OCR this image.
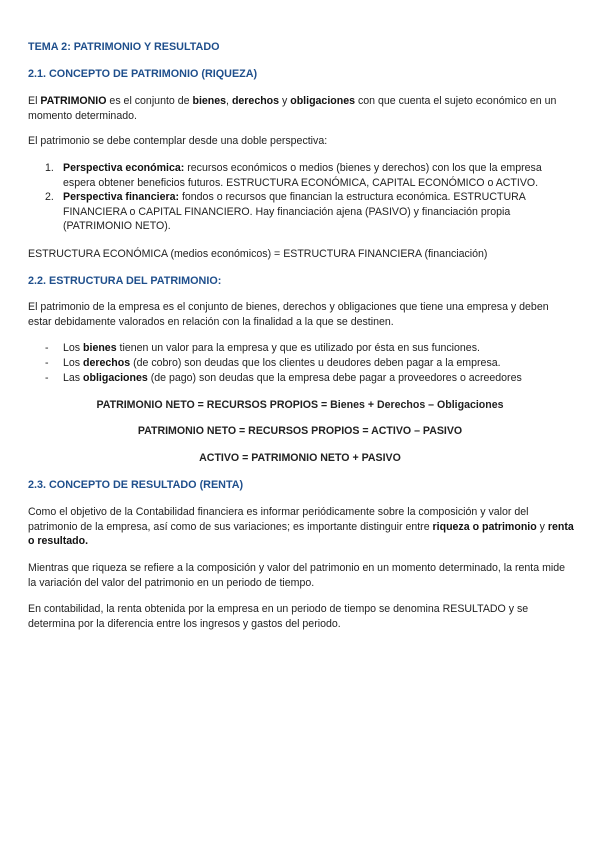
TEMA 2: PATRIMONIO Y RESULTADO
2.1. CONCEPTO DE PATRIMONIO (RIQUEZA)
El PATRIMONIO es el conjunto de bienes, derechos y obligaciones con que cuenta el sujeto económico en un momento determinado.
El patrimonio se debe contemplar desde una doble perspectiva:
1. Perspectiva económica: recursos económicos o medios (bienes y derechos) con los que la empresa espera obtener beneficios futuros. ESTRUCTURA ECONÓMICA, CAPITAL ECONÓMICO o ACTIVO.
2. Perspectiva financiera: fondos o recursos que financian la estructura económica. ESTRUCTURA FINANCIERA o CAPITAL FINANCIERO. Hay financiación ajena (PASIVO) y financiación propia (PATRIMONIO NETO).
ESTRUCTURA ECONÓMICA (medios económicos) = ESTRUCTURA FINANCIERA (financiación)
2.2. ESTRUCTURA DEL PATRIMONIO:
El patrimonio de la empresa es el conjunto de bienes, derechos y obligaciones que tiene una empresa y deben estar debidamente valorados en relación con la finalidad a la que se destinen.
- Los bienes tienen un valor para la empresa y que es utilizado por ésta en sus funciones.
- Los derechos (de cobro) son deudas que los clientes u deudores deben pagar a la empresa.
- Las obligaciones (de pago) son deudas que la empresa debe pagar a proveedores o acreedores
PATRIMONIO NETO = RECURSOS PROPIOS = Bienes + Derechos – Obligaciones
PATRIMONIO NETO = RECURSOS PROPIOS = ACTIVO – PASIVO
ACTIVO = PATRIMONIO NETO + PASIVO
2.3. CONCEPTO DE RESULTADO (RENTA)
Como el objetivo de la Contabilidad financiera es informar periódicamente sobre la composición y valor del patrimonio de la empresa, así como de sus variaciones; es importante distinguir entre riqueza o patrimonio y renta o resultado.
Mientras que riqueza se refiere a la composición y valor del patrimonio en un momento determinado, la renta mide la variación del valor del patrimonio en un periodo de tiempo.
En contabilidad, la renta obtenida por la empresa en un periodo de tiempo se denomina RESULTADO y se determina por la diferencia entre los ingresos y gastos del periodo.
